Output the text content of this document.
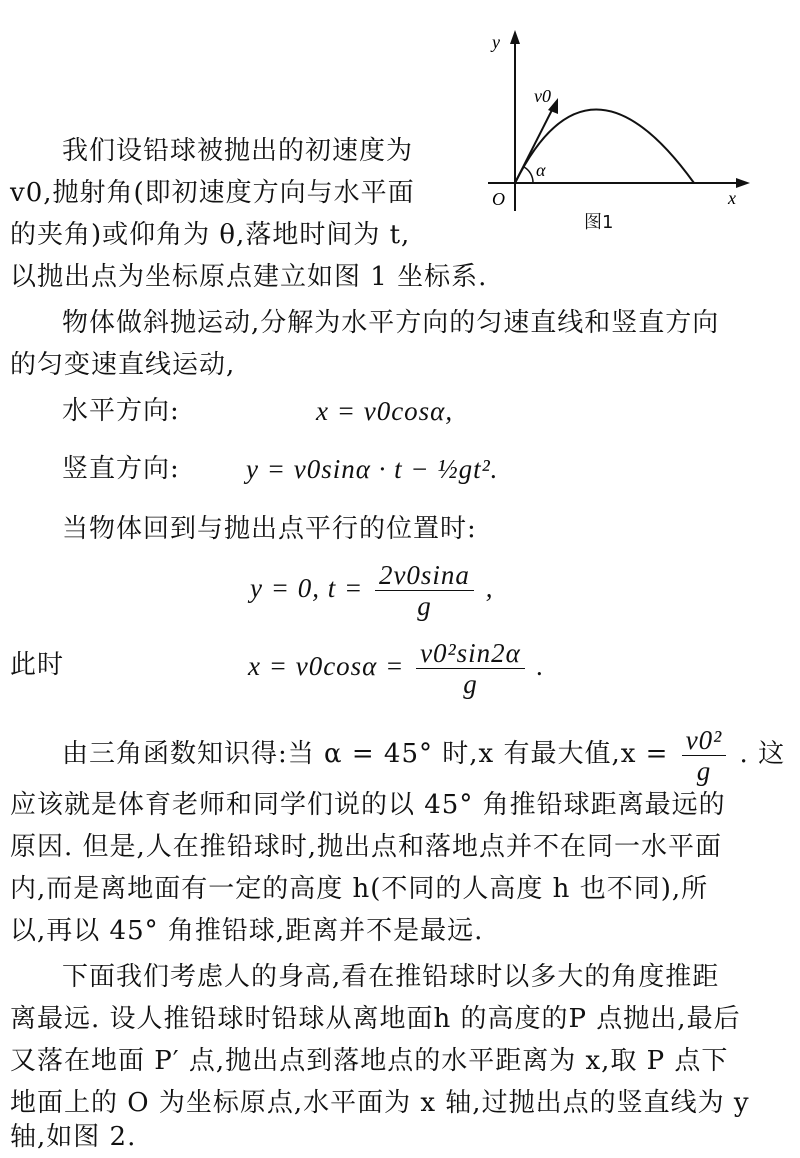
y
x
O
v0
α
图1
我们设铅球被抛出的初速度为
v0,抛射角(即初速度方向与水平面
的夹角)或仰角为 θ,落地时间为 t,
以抛出点为坐标原点建立如图 1 坐标系.
物体做斜抛运动,分解为水平方向的匀速直线和竖直方向
的匀变速直线运动,
水平方向:	x = v0cosα,
竖直方向: y = v0sinα · t − ½gt².
当物体回到与抛出点平行的位置时:
y = 0, $t = \frac{2v0\sin a}{g}$ ,
此时	$x = v0\cos\alpha = \frac{\text{v0²sin2α}}{g}$ .
由三角函数知识得:当 α = 45° 时,x 有最大值$,x = \frac{\text{v0²}}{g}$ . 这
应该就是体育老师和同学们说的以 45° 角推铅球距离最远的
原因. 但是,人在推铅球时,抛出点和落地点并不在同一水平面
内,而是离地面有一定的高度 h(不同的人高度 h 也不同),所
以,再以 45° 角推铅球,距离并不是最远.
下面我们考虑人的身高,看在推铅球时以多大的角度推距
离最远. 设人推铅球时铅球从离地面h 的高度的P 点抛出,最后
又落在地面 P′ 点,抛出点到落地点的水平距离为 x,取 P 点下
地面上的 O 为坐标原点,水平面为 x 轴,过抛出点的竖直线为 y
轴,如图 2.
